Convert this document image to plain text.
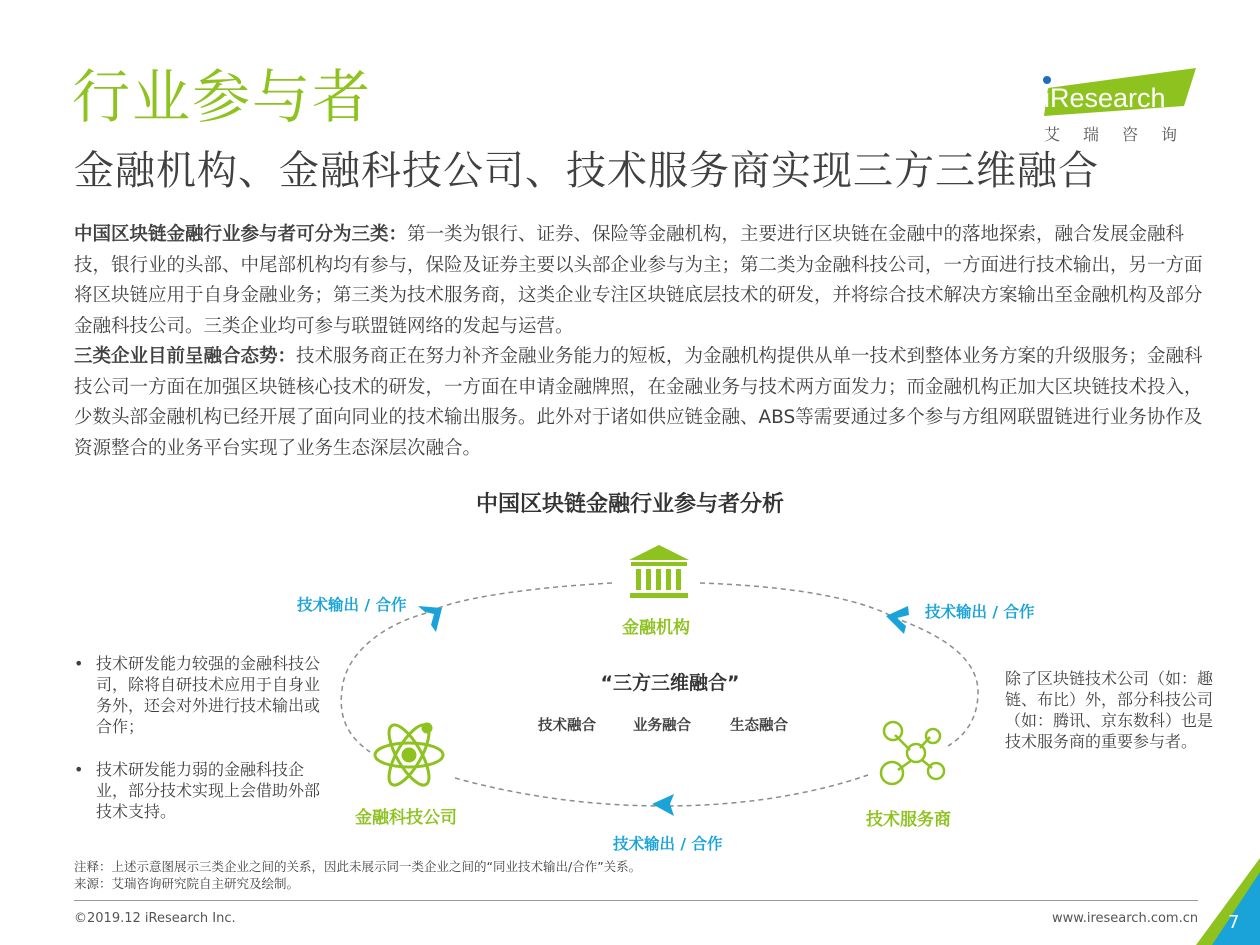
行业参与者
金融机构、金融科技公司、技术服务商实现三方三维融合
iResearch
艾瑞咨询
中国区块链金融行业参与者可分为三类：第一类为银行、证券、保险等金融机构，主要进行区块链在金融中的落地探索，融合发展金融科技，银行业的头部、中尾部机构均有参与，保险及证券主要以头部企业参与为主；第二类为金融科技公司，一方面进行技术输出，另一方面将区块链应用于自身金融业务；第三类为技术服务商，这类企业专注区块链底层技术的研发，并将综合技术解决方案输出至金融机构及部分金融科技公司。三类企业均可参与联盟链网络的发起与运营。
三类企业目前呈融合态势：技术服务商正在努力补齐金融业务能力的短板，为金融机构提供从单一技术到整体业务方案的升级服务；金融科技公司一方面在加强区块链核心技术的研发，一方面在申请金融牌照，在金融业务与技术两方面发力；而金融机构正加大区块链技术投入，少数头部金融机构已经开展了面向同业的技术输出服务。此外对于诸如供应链金融、ABS等需要通过多个参与方组网联盟链进行业务协作及资源整合的业务平台实现了业务生态深层次融合。
中国区块链金融行业参与者分析
金融机构
金融科技公司	技术服务商
技术输出 / 合作	技术输出 / 合作
技术输出 / 合作
“三方三维融合”
技术融合	业务融合	生态融合
• 技术研发能力较强的金融科技公司，除将自研技术应用于自身业务外，还会对外进行技术输出或合作；
• 技术研发能力弱的金融科技企业，部分技术实现上会借助外部技术支持。
除了区块链技术公司（如：趣链、布比）外，部分科技公司（如：腾讯、京东数科）也是技术服务商的重要参与者。
注释：上述示意图展示三类企业之间的关系，因此未展示同一类企业之间的“同业技术输出/合作”关系。
来源：艾瑞咨询研究院自主研究及绘制。
©2019.12 iResearch Inc.	www.iresearch.com.cn 7
